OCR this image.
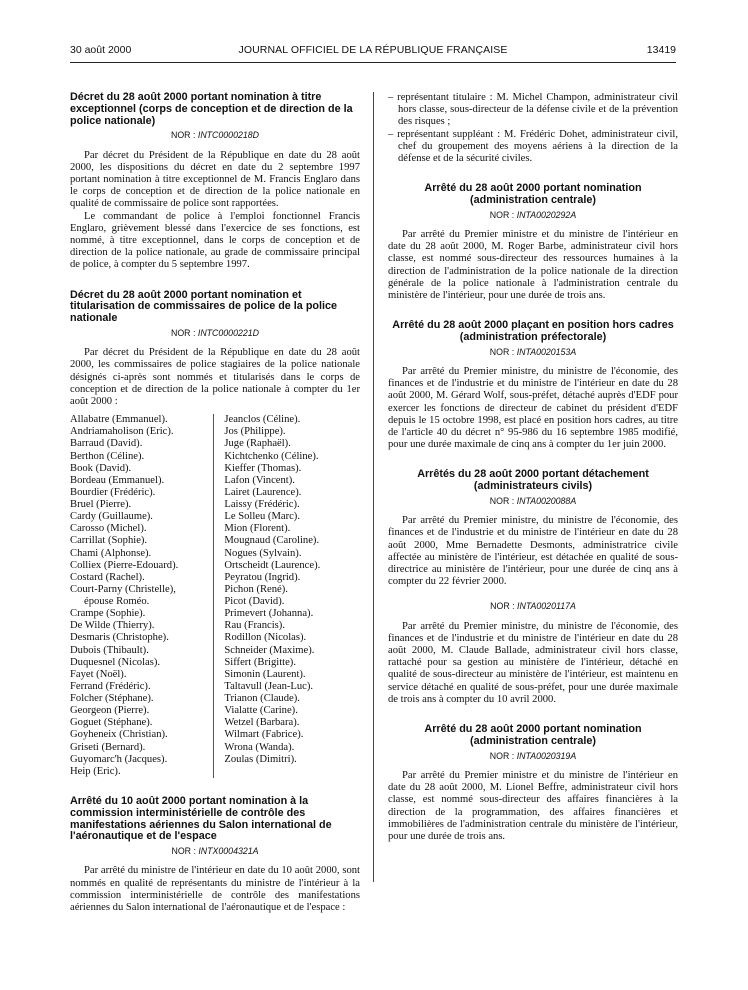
30 août 2000	JOURNAL OFFICIEL DE LA RÉPUBLIQUE FRANÇAISE	13419
Décret du 28 août 2000 portant nomination à titre exceptionnel (corps de conception et de direction de la police nationale)
NOR : INTC0000218D

Par décret du Président de la République en date du 28 août 2000, les dispositions du décret en date du 2 septembre 1997 portant nomination à titre exceptionnel de M. Francis Englaro dans le corps de conception et de direction de la police nationale en qualité de commissaire de police sont rapportées.

Le commandant de police à l'emploi fonctionnel Francis Englaro, grièvement blessé dans l'exercice de ses fonctions, est nommé, à titre exceptionnel, dans le corps de conception et de direction de la police nationale, au grade de commissaire principal de police, à compter du 5 septembre 1997.

Décret du 28 août 2000 portant nomination et titularisation de commissaires de police de la police nationale
NOR : INTC0000221D

Par décret du Président de la République en date du 28 août 2000, les commissaires de police stagiaires de la police nationale désignés ci-après sont nommés et titularisés dans le corps de conception et de direction de la police nationale à compter du 1er août 2000 :

Allabatre (Emmanuel).
Andriamaholison (Eric).
Barraud (David).
Berthon (Céline).
Book (David).
Bordeau (Emmanuel).
Bourdier (Frédéric).
Bruel (Pierre).
Cardy (Guillaume).
Carosso (Michel).
Carrillat (Sophie).
Chami (Alphonse).
Colliex (Pierre-Edouard).
Costard (Rachel).
Court-Parny (Christelle),
épouse Roméo.
Crampe (Sophie).
De Wilde (Thierry).
Desmaris (Christophe).
Dubois (Thibault).
Duquesnel (Nicolas).
Fayet (Noël).
Ferrand (Frédéric).
Folcher (Stéphane).
Georgeon (Pierre).
Goguet (Stéphane).
Goyheneix (Christian).
Griseti (Bernard).
Guyomarc'h (Jacques).
Heip (Eric).
Jeanclos (Céline).
Jos (Philippe).
Juge (Raphaël).
Kichtchenko (Céline).
Kieffer (Thomas).
Lafon (Vincent).
Lairet (Laurence).
Laissy (Frédéric).
Le Solleu (Marc).
Mion (Florent).
Mougnaud (Caroline).
Nogues (Sylvain).
Ortscheidt (Laurence).
Peyratou (Ingrid).
Pichon (René).
Picot (David).
Primevert (Johanna).
Rau (Francis).
Rodillon (Nicolas).
Schneider (Maxime).
Siffert (Brigitte).
Simonin (Laurent).
Taltavull (Jean-Luc).
Trianon (Claude).
Vialatte (Carine).
Wetzel (Barbara).
Wilmart (Fabrice).
Wrona (Wanda).
Zoulas (Dimitri).
Arrêté du 10 août 2000 portant nomination à la commission interministérielle de contrôle des manifestations aériennes du Salon international de l'aéronautique et de l'espace
NOR : INTX0004321A

Par arrêté du ministre de l'intérieur en date du 10 août 2000, sont nommés en qualité de représentants du ministre de l'intérieur à la commission interministérielle de contrôle des manifestations aériennes du Salon international de l'aéronautique et de l'espace :

– représentant titulaire : M. Michel Champon, administrateur civil hors classe, sous-directeur de la défense civile et de la prévention des risques ;

– représentant suppléant : M. Frédéric Dohet, administrateur civil, chef du groupement des moyens aériens à la direction de la défense et de la sécurité civiles.

Arrêté du 28 août 2000 portant nomination (administration centrale)
NOR : INTA0020292A

Par arrêté du Premier ministre et du ministre de l'intérieur en date du 28 août 2000, M. Roger Barbe, administrateur civil hors classe, est nommé sous-directeur des ressources humaines à la direction de l'administration de la police nationale de la direction générale de la police nationale à l'administration centrale du ministère de l'intérieur, pour une durée de trois ans.

Arrêté du 28 août 2000 plaçant en position hors cadres (administration préfectorale)
NOR : INTA0020153A

Par arrêté du Premier ministre, du ministre de l'économie, des finances et de l'industrie et du ministre de l'intérieur en date du 28 août 2000, M. Gérard Wolf, sous-préfet, détaché auprès d'EDF pour exercer les fonctions de directeur de cabinet du président d'EDF depuis le 15 octobre 1998, est placé en position hors cadres, au titre de l'article 40 du décret n° 95-986 du 16 septembre 1985 modifié, pour une durée maximale de cinq ans à compter du 1er juin 2000.

Arrêtés du 28 août 2000 portant détachement (administrateurs civils)
NOR : INTA0020088A

Par arrêté du Premier ministre, du ministre de l'économie, des finances et de l'industrie et du ministre de l'intérieur en date du 28 août 2000, Mme Bernadette Desmonts, administratrice civile affectée au ministère de l'intérieur, est détachée en qualité de sous-directrice au ministère de l'intérieur, pour une durée de cinq ans à compter du 22 février 2000.

NOR : INTA0020117A

Par arrêté du Premier ministre, du ministre de l'économie, des finances et de l'industrie et du ministre de l'intérieur en date du 28 août 2000, M. Claude Ballade, administrateur civil hors classe, rattaché pour sa gestion au ministère de l'intérieur, détaché en qualité de sous-directeur au ministère de l'intérieur, est maintenu en service détaché en qualité de sous-préfet, pour une durée maximale de trois ans à compter du 10 avril 2000.

Arrêté du 28 août 2000 portant nomination (administration centrale)
NOR : INTA0020319A

Par arrêté du Premier ministre et du ministre de l'intérieur en date du 28 août 2000, M. Lionel Beffre, administrateur civil hors classe, est nommé sous-directeur des affaires financières à la direction de la programmation, des affaires financières et immobilières de l'administration centrale du ministère de l'intérieur, pour une durée de trois ans.
